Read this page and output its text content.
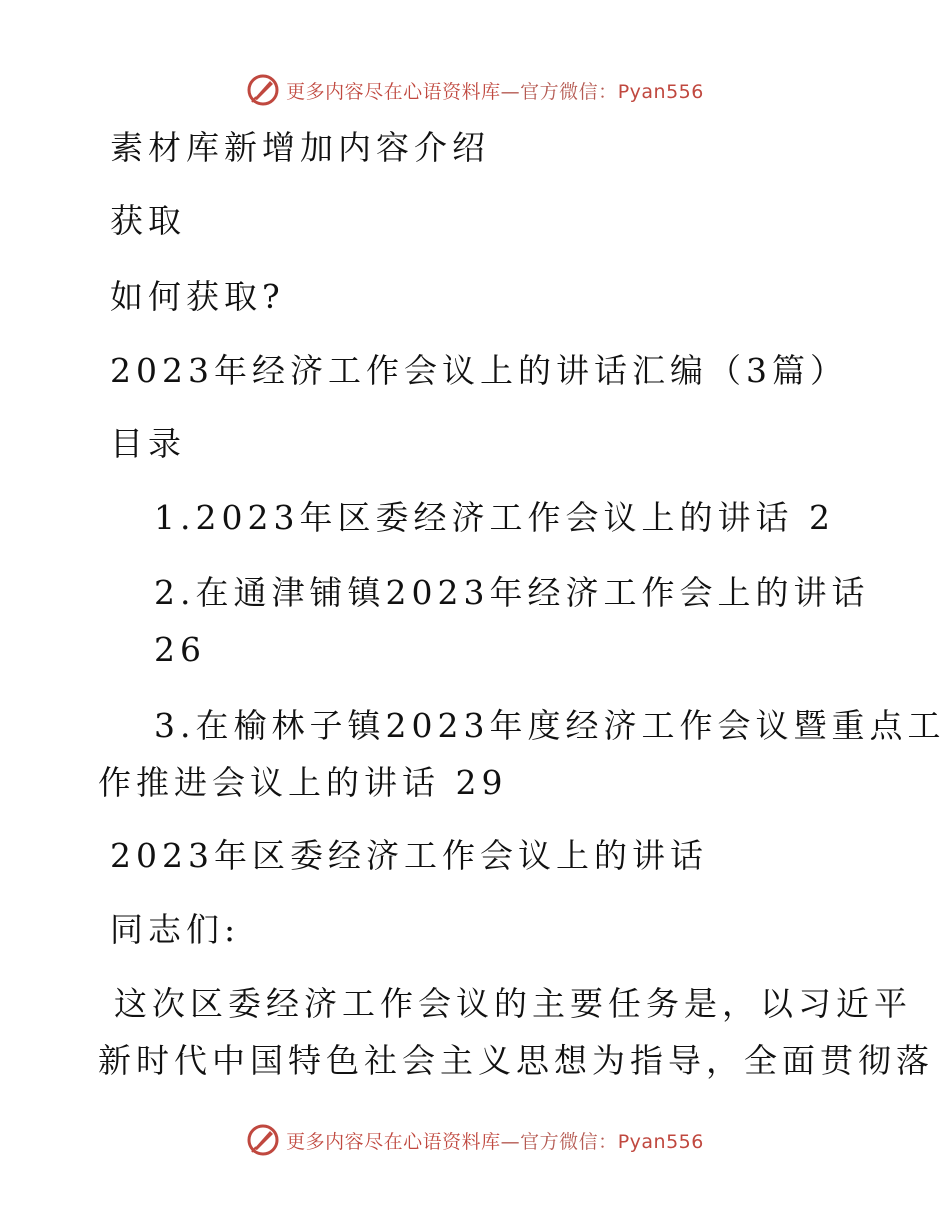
更多内容尽在心语资料库—官方微信：Pyan556
素材库新增加内容介绍
获取
如何获取?
2023年经济工作会议上的讲话汇编（3篇）
目录
1.2023年区委经济工作会议上的讲话 2
2.在通津铺镇2023年经济工作会上的讲话
26
3.在榆林子镇2023年度经济工作会议暨重点工
作推进会议上的讲话 29
2023年区委经济工作会议上的讲话
同志们:
这次区委经济工作会议的主要任务是，以习近平
新时代中国特色社会主义思想为指导，全面贯彻落
更多内容尽在心语资料库—官方微信：Pyan556
